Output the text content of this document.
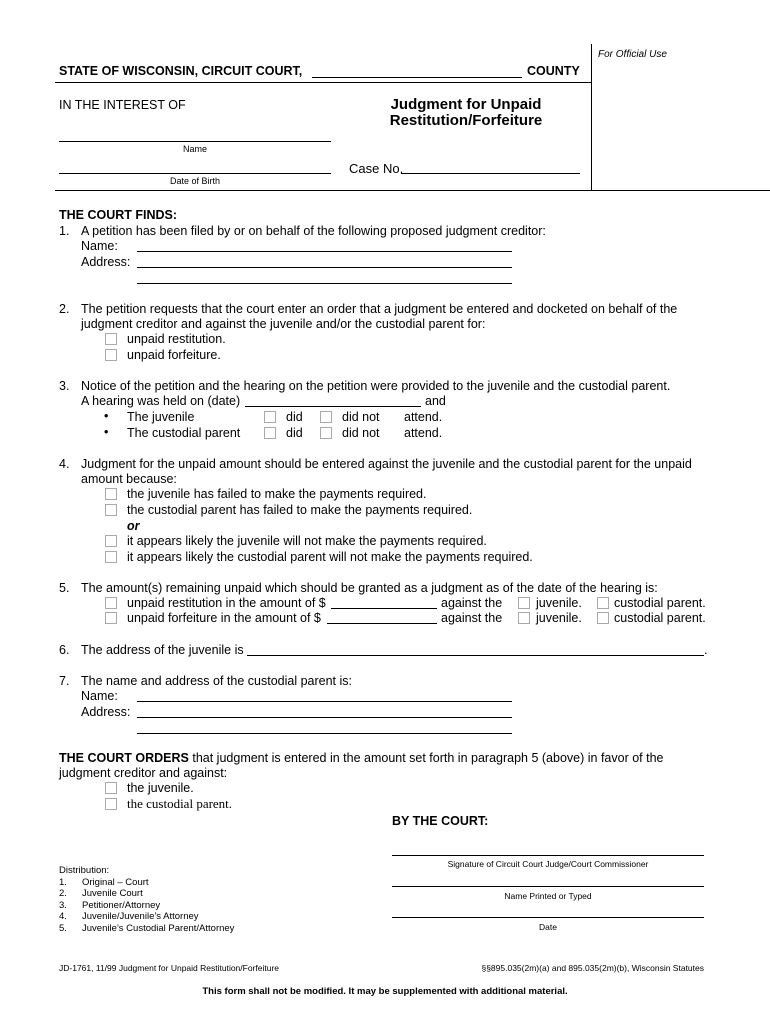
For Official Use
STATE OF WISCONSIN, CIRCUIT COURT,	COUNTY
IN THE INTEREST OF	Judgment for Unpaid
Restitution/Forfeiture
Name
Date of Birth
Case No.
THE COURT FINDS:
1. A petition has been filed by or on behalf of the following proposed judgment creditor:
Name:
Address:
2. The petition requests that the court enter an order that a judgment be entered and docketed on behalf of the
judgment creditor and against the juvenile and/or the custodial parent for:
unpaid restitution.
unpaid forfeiture.
3. Notice of the petition and the hearing on the petition were provided to the juvenile and the custodial parent.
A hearing was held on (date)	and
• The juvenile	did	did not attend.
• The custodial parent	did	did not attend.
4. Judgment for the unpaid amount should be entered against the juvenile and the custodial parent for the unpaid
amount because:
the juvenile has failed to make the payments required.
the custodial parent has failed to make the payments required.
or
it appears likely the juvenile will not make the payments required.
it appears likely the custodial parent will not make the payments required.
5. The amount(s) remaining unpaid which should be granted as a judgment as of the date of the hearing is:
unpaid restitution in the amount of $	against the	juvenile.	custodial parent.
unpaid forfeiture in the amount of $	against the	juvenile.	custodial parent.
6. The address of the juvenile is	.
7. The name and address of the custodial parent is:
Name:
Address:
THE COURT ORDERS that judgment is entered in the amount set forth in paragraph 5 (above) in favor of the
judgment creditor and against:
the juvenile.
the custodial parent.
BY THE COURT:
Signature of Circuit Court Judge/Court Commissioner
Name Printed or Typed
Date
Distribution:
1. Original – Court
2. Juvenile Court
3. Petitioner/Attorney
4. Juvenile/Juvenile’s Attorney
5. Juvenile’s Custodial Parent/Attorney
JD-1761, 11/99 Judgment for Unpaid Restitution/Forfeiture	§§895.035(2m)(a) and 895.035(2m)(b), Wisconsin Statutes
This form shall not be modified. It may be supplemented with additional material.
